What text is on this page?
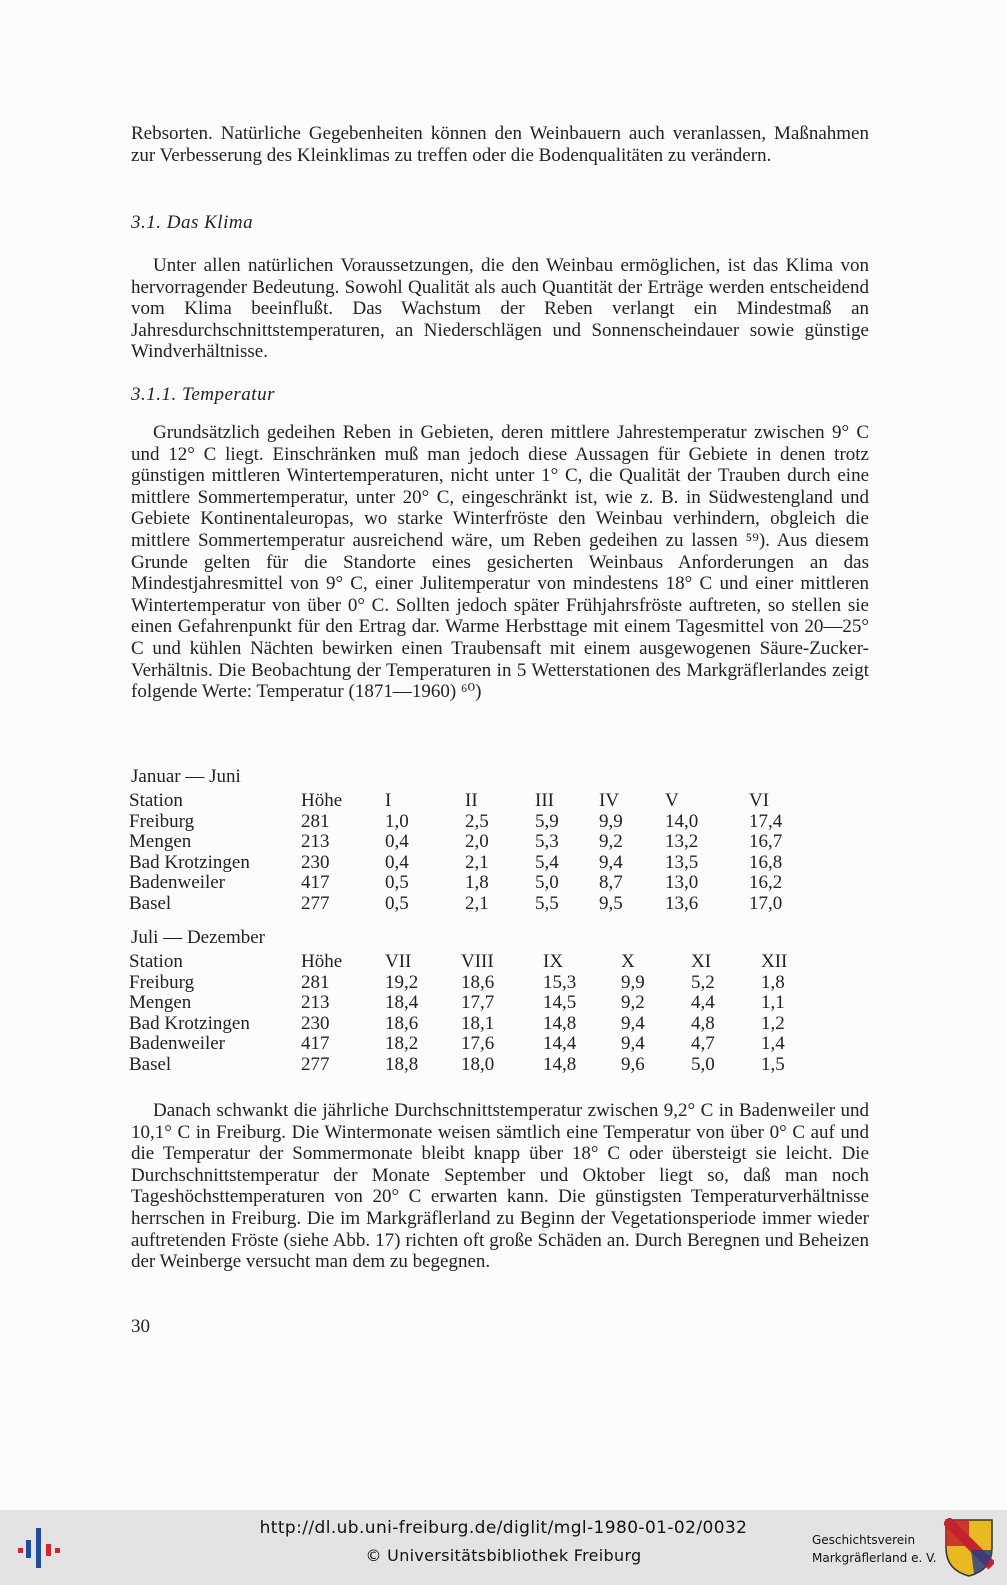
Rebsorten. Natürliche Gegebenheiten können den Weinbauern auch veranlassen, Maßnahmen zur Verbesserung des Kleinklimas zu treffen oder die Bodenqualitäten zu verändern.
3.1. Das Klima
Unter allen natürlichen Voraussetzungen, die den Weinbau ermöglichen, ist das Klima von hervorragender Bedeutung. Sowohl Qualität als auch Quantität der Erträge werden entscheidend vom Klima beeinflußt. Das Wachstum der Reben verlangt ein Mindestmaß an Jahresdurchschnittstemperaturen, an Niederschlägen und Sonnenscheindauer sowie günstige Windverhältnisse.
3.1.1. Temperatur
Grundsätzlich gedeihen Reben in Gebieten, deren mittlere Jahrestemperatur zwischen 9° C und 12° C liegt. Einschränken muß man jedoch diese Aussagen für Gebiete in denen trotz günstigen mittleren Wintertemperaturen, nicht unter 1° C, die Qualität der Trauben durch eine mittlere Sommertemperatur, unter 20° C, eingeschränkt ist, wie z. B. in Südwestengland und Gebiete Kontinentaleuropas, wo starke Winterfröste den Weinbau verhindern, obgleich die mittlere Sommertemperatur ausreichend wäre, um Reben gedeihen zu lassen ⁵⁹). Aus diesem Grunde gelten für die Standorte eines gesicherten Weinbaus Anforderungen an das Mindestjahresmittel von 9° C, einer Julitemperatur von mindestens 18° C und einer mittleren Wintertemperatur von über 0° C. Sollten jedoch später Frühjahrsfröste auftreten, so stellen sie einen Gefahrenpunkt für den Ertrag dar. Warme Herbsttage mit einem Tagesmittel von 20—25° C und kühlen Nächten bewirken einen Traubensaft mit einem ausgewogenen Säure-Zucker-Verhältnis. Die Beobachtung der Temperaturen in 5 Wetterstationen des Markgräflerlandes zeigt folgende Werte: Temperatur (1871—1960) ⁶⁰)
Januar — Juni
Station	Höhe	I	II	III	IV	V	VI
Freiburg	281	1,0	2,5	5,9	9,9	14,0	17,4
Mengen	213	0,4	2,0	5,3	9,2	13,2	16,7
Bad Krotzingen	230	0,4	2,1	5,4	9,4	13,5	16,8
Badenweiler	417	0,5	1,8	5,0	8,7	13,0	16,2
Basel	277	0,5	2,1	5,5	9,5	13,6	17,0
Juli — Dezember
Station	Höhe	VII	VIII	IX	X	XI	XII
Freiburg	281	19,2	18,6	15,3	9,9	5,2	1,8
Mengen	213	18,4	17,7	14,5	9,2	4,4	1,1
Bad Krotzingen	230	18,6	18,1	14,8	9,4	4,8	1,2
Badenweiler	417	18,2	17,6	14,4	9,4	4,7	1,4
Basel	277	18,8	18,0	14,8	9,6	5,0	1,5
Danach schwankt die jährliche Durchschnittstemperatur zwischen 9,2° C in Badenweiler und 10,1° C in Freiburg. Die Wintermonate weisen sämtlich eine Temperatur von über 0° C auf und die Temperatur der Sommermonate bleibt knapp über 18° C oder übersteigt sie leicht. Die Durchschnittstemperatur der Monate September und Oktober liegt so, daß man noch Tageshöchsttemperaturen von 20° C erwarten kann. Die günstigsten Temperaturverhältnisse herrschen in Freiburg. Die im Markgräflerland zu Beginn der Vegetationsperiode immer wieder auftretenden Fröste (siehe Abb. 17) richten oft große Schäden an. Durch Beregnen und Beheizen der Weinberge versucht man dem zu begegnen.
30
http://dl.ub.uni-freiburg.de/diglit/mgl-1980-01-02/0032
© Universitätsbibliothek Freiburg
Geschichtsverein
Markgräflerland e. V.
